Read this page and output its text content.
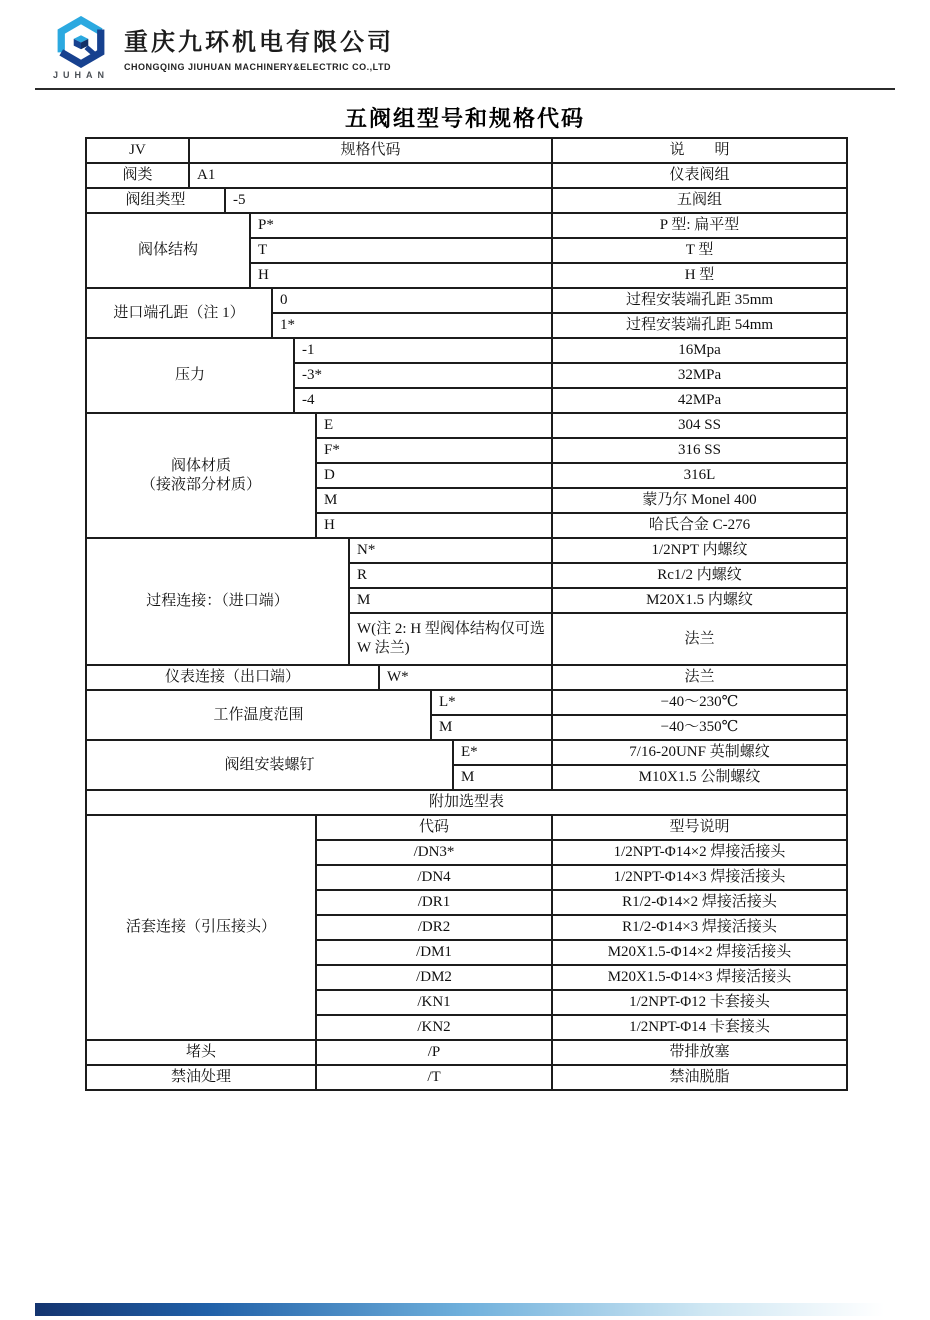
JUHAN
重庆九环机电有限公司
CHONGQING JIUHUAN MACHINERY&ELECTRIC CO.,LTD
五阀组型号和规格代码
JV	规格代码										说　　明
阀类	A1										仪表阀组
阀组类型		-5									五阀组
阀体结构			P*								P 型: 扁平型
			T								T 型
			H								H 型
进口端孔距（注 1）				0							过程安装端孔距 35mm
				1*							过程安装端孔距 54mm
压力					-1						16Mpa
					-3*						32MPa
					-4						42MPa
阀体材质
（接液部分材质）						E					304 SS
						F*					316 SS
						D					316L
						M					蒙乃尔 Monel 400
						H					哈氏合金 C-276
过程连接：（进口端）							N*				1/2NPT 内螺纹
							R				Rc1/2 内螺纹
							M				M20X1.5 内螺纹
							W(注 2: H 型阀体结构仅可选 W 法兰)				法兰
仪表连接（出口端）								W*			法兰
工作温度范围									L*		−40～230℃
									M		−40～350℃
阀组安装螺钉										E*	7/16-20UNF 英制螺纹
										M	M10X1.5 公制螺纹
附加选型表											
活套连接（引压接头）						代码					型号说明
						/DN3*					1/2NPT-Φ14×2 焊接活接头
						/DN4					1/2NPT-Φ14×3 焊接活接头
						/DR1					R1/2-Φ14×2 焊接活接头
						/DR2					R1/2-Φ14×3 焊接活接头
						/DM1					M20X1.5-Φ14×2 焊接活接头
						/DM2					M20X1.5-Φ14×3 焊接活接头
						/KN1					1/2NPT-Φ12 卡套接头
						/KN2					1/2NPT-Φ14 卡套接头
堵头						/P					带排放塞
禁油处理						/T					禁油脱脂
